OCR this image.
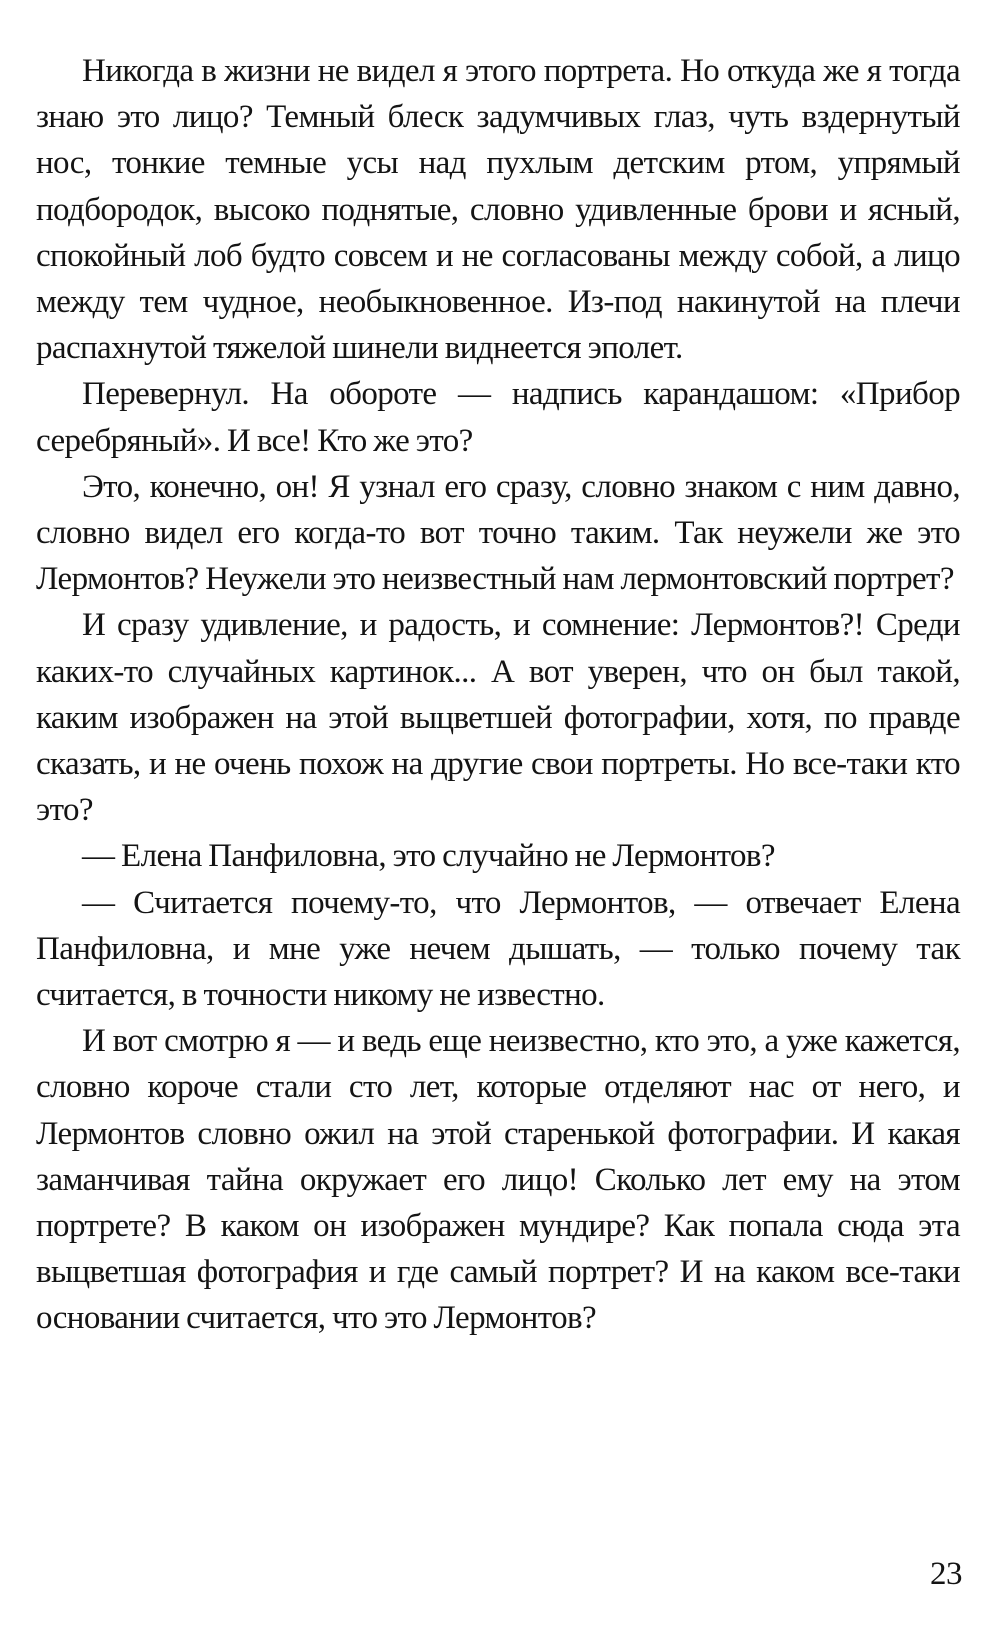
Никогда в жизни не видел я этого портрета. Но откуда же я тогда знаю это лицо? Темный блеск задумчивых глаз, чуть вздернутый нос, тонкие темные усы над пухлым детским ртом, упрямый подбородок, высоко поднятые, словно удивленные брови и ясный, спокойный лоб будто совсем и не согласованы между собой, а лицо между тем чудное, необыкновенное. Из-под накинутой на плечи распахнутой тяжелой шинели виднеется эполет.

Перевернул. На обороте — надпись карандашом: «Прибор серебряный». И все! Кто же это?

Это, конечно, он! Я узнал его сразу, словно знаком с ним давно, словно видел его когда-то вот точно таким. Так неужели же это Лермонтов? Неужели это неизвестный нам лермонтовский портрет?

И сразу удивление, и радость, и сомнение: Лермонтов?! Среди каких-то случайных картинок... А вот уверен, что он был такой, каким изображен на этой выцветшей фотографии, хотя, по правде сказать, и не очень похож на другие свои портреты. Но все-таки кто это?

— Елена Панфиловна, это случайно не Лермонтов?

— Считается почему-то, что Лермонтов, — отвечает Елена Панфиловна, и мне уже нечем дышать, — только почему так считается, в точности никому не известно.

И вот смотрю я — и ведь еще неизвестно, кто это, а уже кажется, словно короче стали сто лет, которые отделяют нас от него, и Лермонтов словно ожил на этой старенькой фотографии. И какая заманчивая тайна окружает его лицо! Сколько лет ему на этом портрете? В каком он изображен мундире? Как попала сюда эта выцветшая фотография и где самый портрет? И на каком все-таки основании считается, что это Лермонтов?

23
